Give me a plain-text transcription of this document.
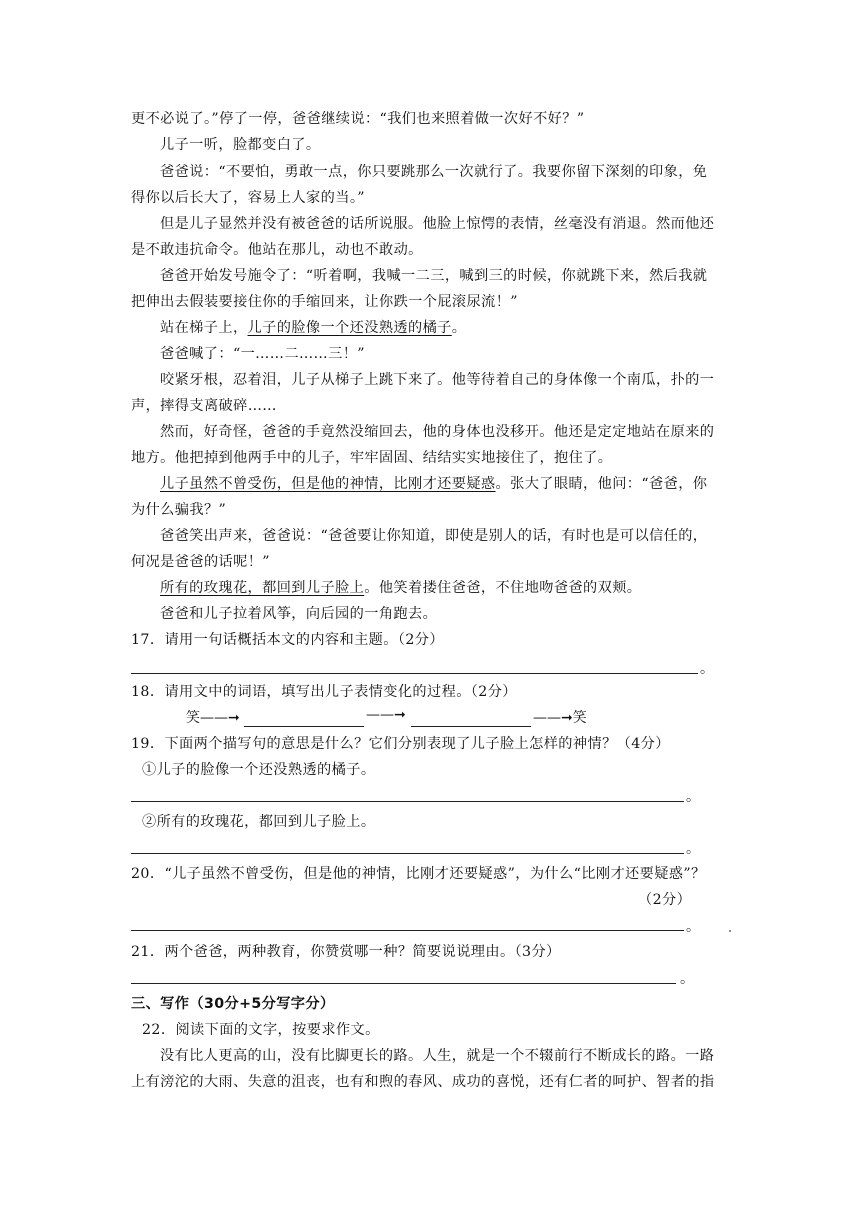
更不必说了。”停了一停，爸爸继续说：“我们也来照着做一次好不好？”
儿子一听，脸都变白了。
爸爸说：“不要怕，勇敢一点，你只要跳那么一次就行了。我要你留下深刻的印象，免
得你以后长大了，容易上人家的当。”
但是儿子显然并没有被爸爸的话所说服。他脸上惊愕的表情，丝毫没有消退。然而他还
是不敢违抗命令。他站在那儿，动也不敢动。
爸爸开始发号施令了：“听着啊，我喊一二三，喊到三的时候，你就跳下来，然后我就
把伸出去假装要接住你的手缩回来，让你跌一个屁滚尿流！”
站在梯子上，儿子的脸像一个还没熟透的橘子。
爸爸喊了：“一……二……三！”
咬紧牙根，忍着泪，儿子从梯子上跳下来了。他等待着自己的身体像一个南瓜，扑的一
声，摔得支离破碎……
然而，好奇怪，爸爸的手竟然没缩回去，他的身体也没移开。他还是定定地站在原来的
地方。他把掉到他两手中的儿子，牢牢固固、结结实实地接住了，抱住了。
儿子虽然不曾受伤，但是他的神情，比刚才还要疑惑。张大了眼睛，他问：“爸爸，你
为什么骗我？”
爸爸笑出声来，爸爸说：“爸爸要让你知道，即使是别人的话，有时也是可以信任的，
何况是爸爸的话呢！”
所有的玫瑰花，都回到儿子脸上。他笑着搂住爸爸，不住地吻爸爸的双颊。
爸爸和儿子拉着风筝，向后园的一角跑去。
17．请用一句话概括本文的内容和主题。（2分）
。
18．请用文中的词语，填写出儿子表情变化的过程。（2分）
笑——➞	——➞	——➞笑
19．下面两个描写句的意思是什么？它们分别表现了儿子脸上怎样的神情？（4分）
①儿子的脸像一个还没熟透的橘子。
。
②所有的玫瑰花，都回到儿子脸上。
。
20．“儿子虽然不曾受伤，但是他的神情，比刚才还要疑惑”，为什么“比刚才还要疑惑”？
（2分）
。
21．两个爸爸，两种教育，你赞赏哪一种？简要说说理由。（3分）
。
三、写作（30分+5分写字分）
22．阅读下面的文字，按要求作文。
没有比人更高的山，没有比脚更长的路。人生，就是一个不辍前行不断成长的路。一路
上有滂沱的大雨、失意的沮丧，也有和煦的春风、成功的喜悦，还有仁者的呵护、智者的指
